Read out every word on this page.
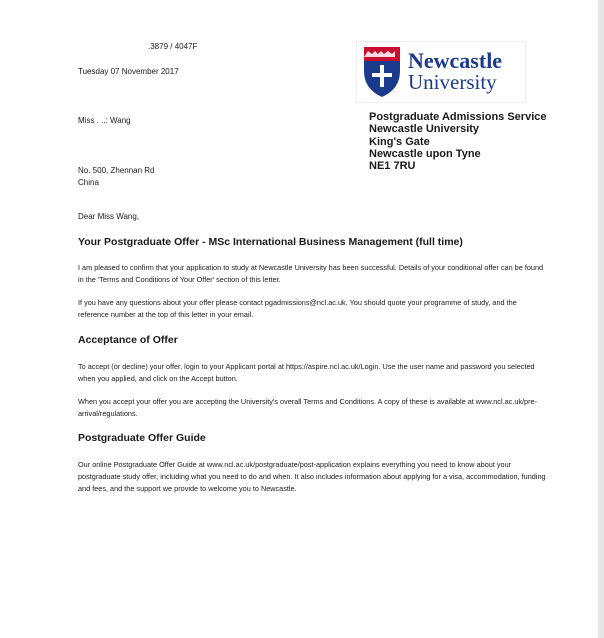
.3879 / 4047F
Tuesday 07 November 2017	Newcastle
University
Miss . ..: Wang
No. 500, Zhennan Rd
China
Postgraduate Admissions Service
Newcastle University
King's Gate
Newcastle upon Tyne
NE1 7RU
Dear Miss Wang,
Your Postgraduate Offer - MSc International Business Management (full time)
I am pleased to confirm that your application to study at Newcastle University has been successful. Details of your conditional offer can be found in the 'Terms and Conditions of Your Offer' section of this letter.
If you have any questions about your offer please contact pgadmissions@ncl.ac.uk. You should quote your programme of study, and the reference number at the top of this letter in your email.
Acceptance of Offer
To accept (or decline) your offer, login to your Applicant portal at https://aspire.ncl.ac.uk/Login. Use the user name and password you selected when you applied, and click on the Accept button.
When you accept your offer you are accepting the University's overall Terms and Conditions. A copy of these is available at www.ncl.ac.uk/pre-arrival/regulations.
Postgraduate Offer Guide
Our online Postgraduate Offer Guide at www.ncl.ac.uk/postgraduate/post-application explains everything you need to know about your postgraduate study offer, including what you need to do and when. It also includes information about applying for a visa, accommodation, funding and fees, and the support we provide to welcome you to Newcastle.
